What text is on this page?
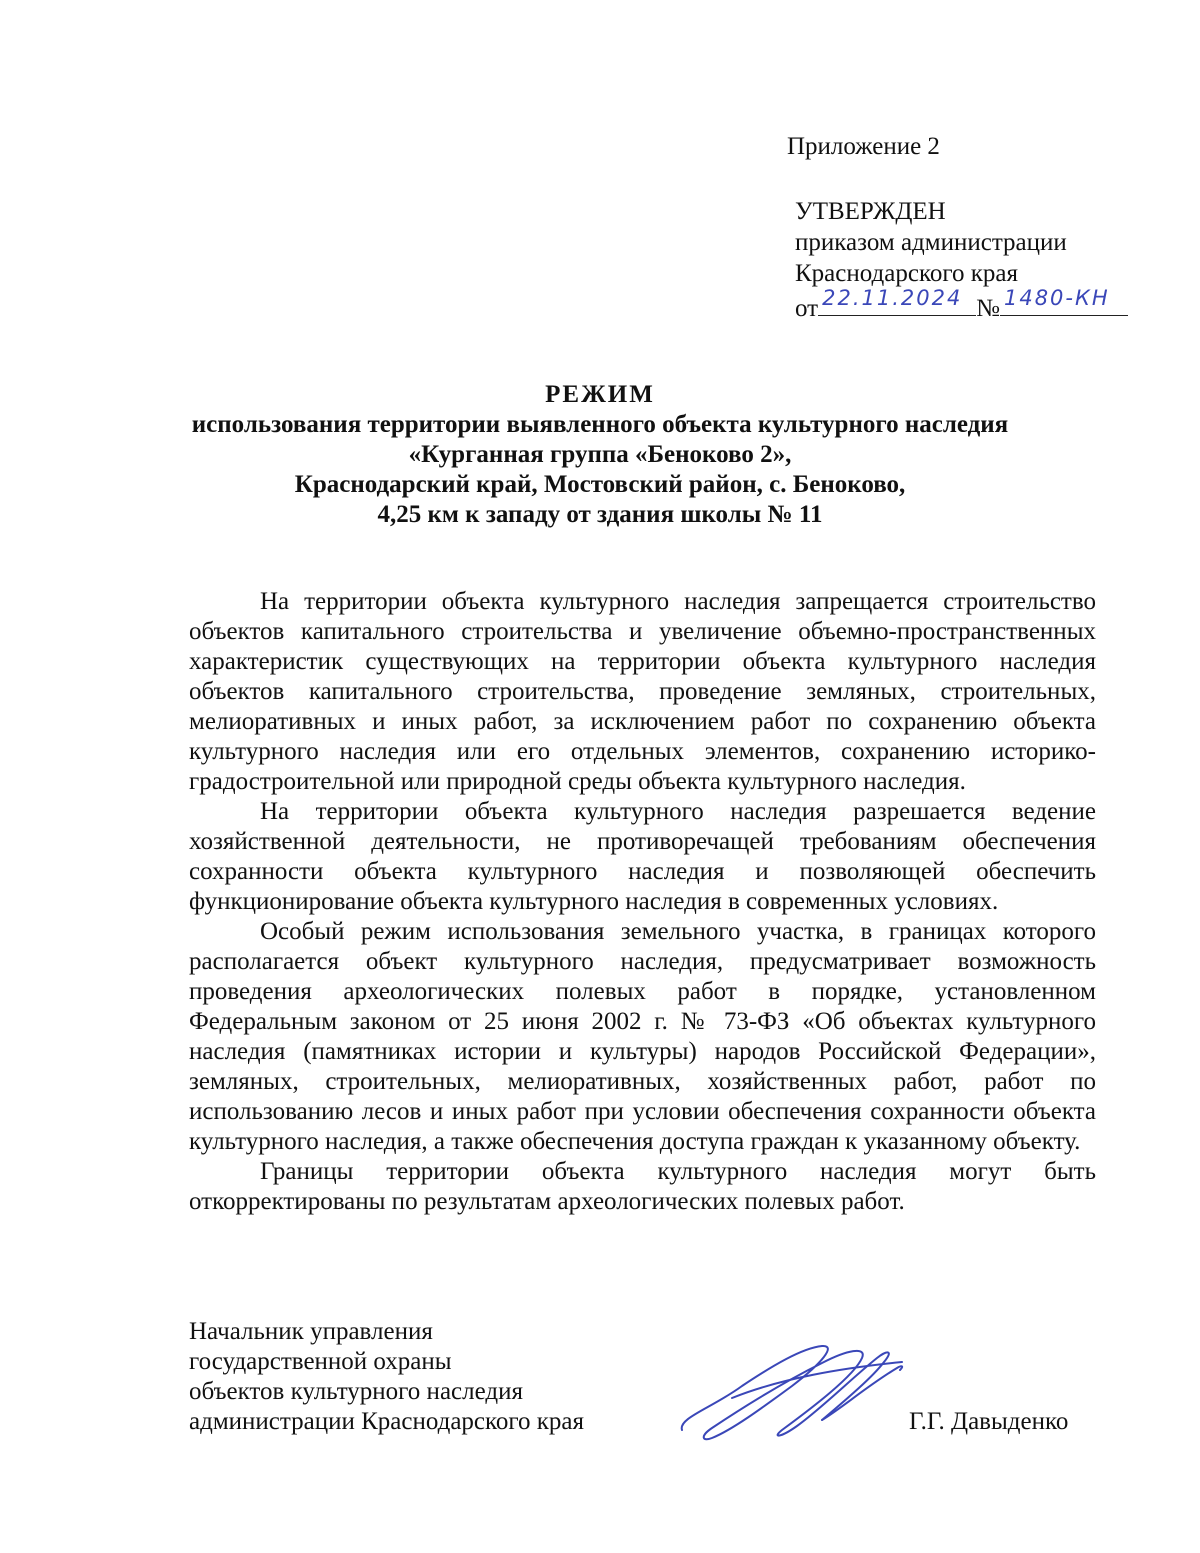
Приложение 2
УТВЕРЖДЕН
приказом администрации
Краснодарского края
от 22.11.2024 № 1480-КН
РЕЖИМ
использования территории выявленного объекта культурного наследия
«Курганная группа «Беноково 2»,
Краснодарский край, Мостовский район, с. Беноково,
4,25 км к западу от здания школы № 11

На территории объекта культурного наследия запрещается строительство объектов капитального строительства и увеличение объемно-пространственных характеристик существующих на территории объекта культурного наследия объектов капитального строительства, проведение земляных, строительных, мелиоративных и иных работ, за исключением работ по сохранению объекта культурного наследия или его отдельных элементов, сохранению историко-градостроительной или природной среды объекта культурного наследия.

На территории объекта культурного наследия разрешается ведение хозяйственной деятельности, не противоречащей требованиям обеспечения сохранности объекта культурного наследия и позволяющей обеспечить функционирование объекта культурного наследия в современных условиях.

Особый режим использования земельного участка, в границах которого располагается объект культурного наследия, предусматривает возможность проведения археологических полевых работ в порядке, установленном Федеральным законом от 25 июня 2002 г. № 73-ФЗ «Об объектах культурного наследия (памятниках истории и культуры) народов Российской Федерации», земляных, строительных, мелиоративных, хозяйственных работ, работ по использованию лесов и иных работ при условии обеспечения сохранности объекта культурного наследия, а также обеспечения доступа граждан к указанному объекту.

Границы территории объекта культурного наследия могут быть откорректированы по результатам археологических полевых работ.

Начальник управления
государственной охраны
объектов культурного наследия
администрации Краснодарского края	Г.Г. Давыденко
